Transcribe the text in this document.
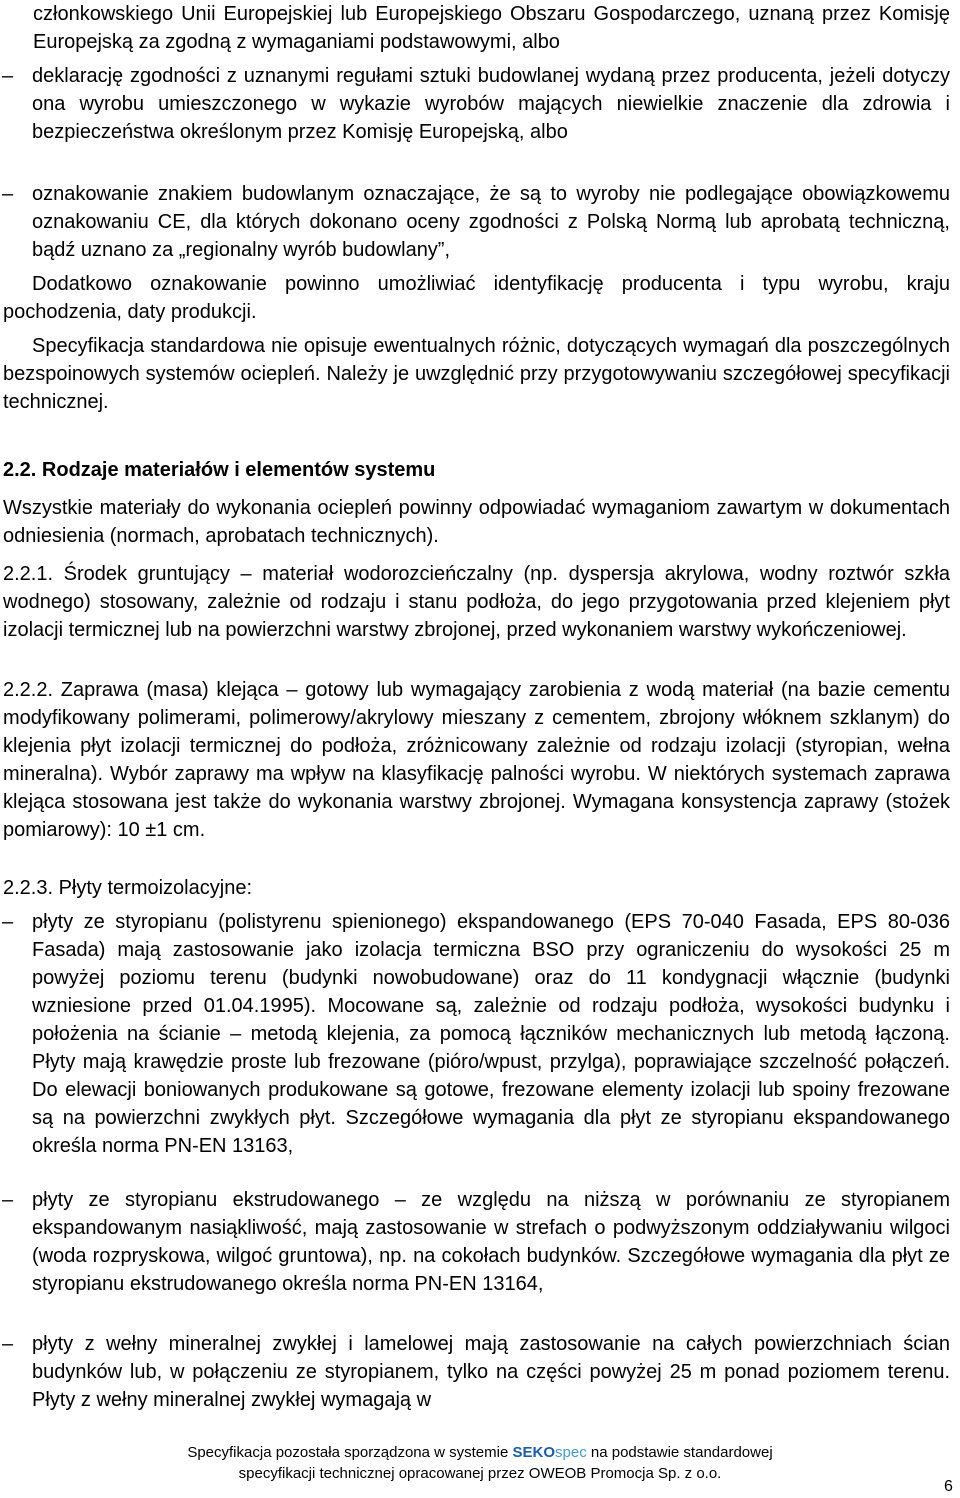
członkowskiego Unii Europejskiej lub Europejskiego Obszaru Gospodarczego, uznaną przez Komisję Europejską za zgodną z wymaganiami podstawowymi, albo
– deklarację zgodności z uznanymi regułami sztuki budowlanej wydaną przez producenta, jeżeli dotyczy ona wyrobu umieszczonego w wykazie wyrobów mających niewielkie znaczenie dla zdrowia i bezpieczeństwa określonym przez Komisję Europejską, albo
– oznakowanie znakiem budowlanym oznaczające, że są to wyroby nie podlegające obowiązkowemu oznakowaniu CE, dla których dokonano oceny zgodności z Polską Normą lub aprobatą techniczną, bądź uznano za „regionalny wyrób budowlany”,
Dodatkowo oznakowanie powinno umożliwiać identyfikację producenta i typu wyrobu, kraju pochodzenia, daty produkcji.
Specyfikacja standardowa nie opisuje ewentualnych różnic, dotyczących wymagań dla poszczególnych bezspoinowych systemów ociepleń. Należy je uwzględnić przy przygotowywaniu szczegółowej specyfikacji technicznej.
2.2. Rodzaje materiałów i elementów systemu
Wszystkie materiały do wykonania ociepleń powinny odpowiadać wymaganiom zawartym w dokumentach odniesienia (normach, aprobatach technicznych).
2.2.1. Środek gruntujący – materiał wodorozcieńczalny (np. dyspersja akrylowa, wodny roztwór szkła wodnego) stosowany, zależnie od rodzaju i stanu podłoża, do jego przygotowania przed klejeniem płyt izolacji termicznej lub na powierzchni warstwy zbrojonej, przed wykonaniem warstwy wykończeniowej.
2.2.2. Zaprawa (masa) klejąca – gotowy lub wymagający zarobienia z wodą materiał (na bazie cementu modyfikowany polimerami, polimerowy/akrylowy mieszany z cementem, zbrojony włóknem szklanym) do klejenia płyt izolacji termicznej do podłoża, zróżnicowany zależnie od rodzaju izolacji (styropian, wełna mineralna). Wybór zaprawy ma wpływ na klasyfikację palności wyrobu. W niektórych systemach zaprawa klejąca stosowana jest także do wykonania warstwy zbrojonej. Wymagana konsystencja zaprawy (stożek pomiarowy): 10 ±1 cm.
2.2.3. Płyty termoizolacyjne:
– płyty ze styropianu (polistyrenu spienionego) ekspandowanego (EPS 70-040 Fasada, EPS 80-036 Fasada) mają zastosowanie jako izolacja termiczna BSO przy ograniczeniu do wysokości 25 m powyżej poziomu terenu (budynki nowobudowane) oraz do 11 kondygnacji włącznie (budynki wzniesione przed 01.04.1995). Mocowane są, zależnie od rodzaju podłoża, wysokości budynku i położenia na ścianie – metodą klejenia, za pomocą łączników mechanicznych lub metodą łączoną. Płyty mają krawędzie proste lub frezowane (pióro/wpust, przylga), poprawiające szczelność połączeń. Do elewacji boniowanych produkowane są gotowe, frezowane elementy izolacji lub spoiny frezowane są na powierzchni zwykłych płyt. Szczegółowe wymagania dla płyt ze styropianu ekspandowanego określa norma PN-EN 13163,
– płyty ze styropianu ekstrudowanego – ze względu na niższą w porównaniu ze styropianem ekspandowanym nasiąkliwość, mają zastosowanie w strefach o podwyższonym oddziaływaniu wilgoci (woda rozpryskowa, wilgoć gruntowa), np. na cokołach budynków. Szczegółowe wymagania dla płyt ze styropianu ekstrudowanego określa norma PN-EN 13164,
– płyty z wełny mineralnej zwykłej i lamelowej mają zastosowanie na całych powierzchniach ścian budynków lub, w połączeniu ze styropianem, tylko na części powyżej 25 m ponad poziomem terenu. Płyty z wełny mineralnej zwykłej wymagają w
Specyfikacja pozostała sporządzona w systemie SEKOspec na podstawie standardowej
specyfikacji technicznej opracowanej przez OWEOB Promocja Sp. z o.o.
6
